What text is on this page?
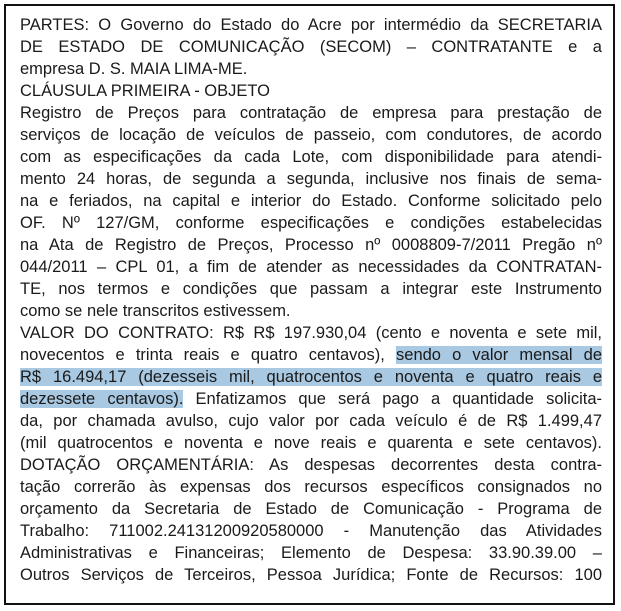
PARTES: O Governo do Estado do Acre por intermédio da SECRETARIA
DE ESTADO DE COMUNICAÇÃO (SECOM) – CONTRATANTE e a
empresa D. S. MAIA LIMA-ME.
CLÁUSULA PRIMEIRA - OBJETO
Registro de Preços para contratação de empresa para prestação de
serviços de locação de veículos de passeio, com condutores, de acordo
com as especificações da cada Lote, com disponibilidade para atendi-
mento 24 horas, de segunda a segunda, inclusive nos finais de sema-
na e feriados, na capital e interior do Estado. Conforme solicitado pelo
OF. Nº 127/GM, conforme especificações e condições estabelecidas
na Ata de Registro de Preços, Processo nº 0008809-7/2011 Pregão nº
044/2011 – CPL 01, a fim de atender as necessidades da CONTRATAN-
TE, nos termos e condições que passam a integrar este Instrumento
como se nele transcritos estivessem.
VALOR DO CONTRATO: R$ R$ 197.930,04 (cento e noventa e sete mil,
novecentos e trinta reais e quatro centavos), sendo o valor mensal de
R$ 16.494,17 (dezesseis mil, quatrocentos e noventa e quatro reais e
dezessete centavos). Enfatizamos que será pago a quantidade solicita-
da, por chamada avulso, cujo valor por cada veículo é de R$ 1.499,47
(mil quatrocentos e noventa e nove reais e quarenta e sete centavos).
DOTAÇÃO ORÇAMENTÁRIA: As despesas decorrentes desta contra-
tação correrão às expensas dos recursos específicos consignados no
orçamento da Secretaria de Estado de Comunicação - Programa de
Trabalho: 711002.24131200920580000 - Manutenção das Atividades
Administrativas e Financeiras; Elemento de Despesa: 33.90.39.00 –
Outros Serviços de Terceiros, Pessoa Jurídica; Fonte de Recursos: 100
